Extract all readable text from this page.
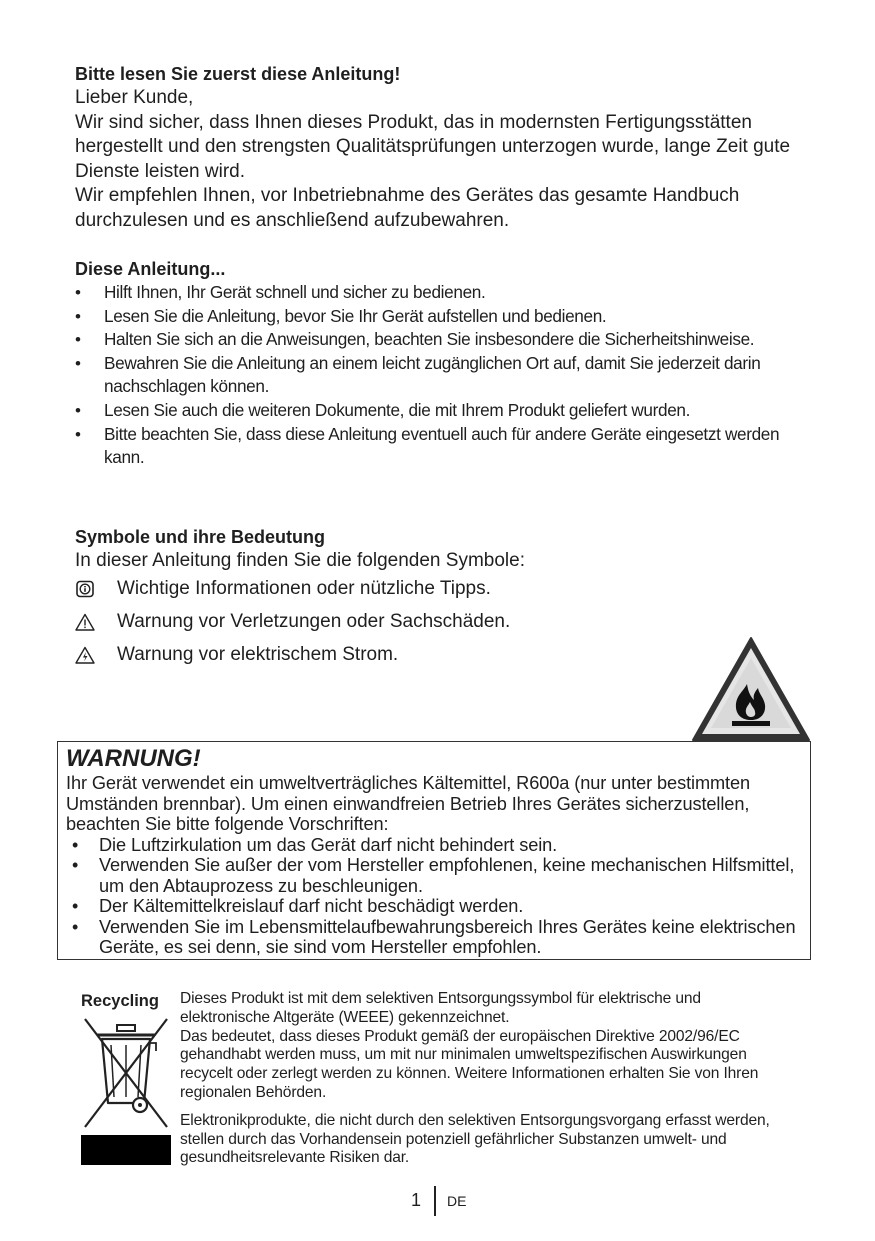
Bitte lesen Sie zuerst diese Anleitung!

Lieber Kunde,

Wir sind sicher, dass Ihnen dieses Produkt, das in modernsten Fertigungsstätten hergestellt und den strengsten Qualitätsprüfungen unterzogen wurde, lange Zeit gute Dienste leisten wird.

Wir empfehlen Ihnen, vor Inbetriebnahme des Gerätes das gesamte Handbuch durchzulesen und es anschließend aufzubewahren.

Diese Anleitung...

• Hilft Ihnen, Ihr Gerät schnell und sicher zu bedienen.
• Lesen Sie die Anleitung, bevor Sie Ihr Gerät aufstellen und bedienen.
• Halten Sie sich an die Anweisungen, beachten Sie insbesondere die Sicherheitshinweise.
• Bewahren Sie die Anleitung an einem leicht zugänglichen Ort auf, damit Sie jederzeit darin nachschlagen können.
• Lesen Sie auch die weiteren Dokumente, die mit Ihrem Produkt geliefert wurden.
• Bitte beachten Sie, dass diese Anleitung eventuell auch für andere Geräte eingesetzt werden kann.

Symbole und ihre Bedeutung

In dieser Anleitung finden Sie die folgenden Symbole:

Wichtige Informationen oder nützliche Tipps.
Warnung vor Verletzungen oder Sachschäden.
Warnung vor elektrischem Strom.

WARNUNG!

Ihr Gerät verwendet ein umweltverträgliches Kältemittel, R600a (nur unter bestimmten Umständen brennbar). Um einen einwandfreien Betrieb Ihres Gerätes sicherzustellen, beachten Sie bitte folgende Vorschriften:

• Die Luftzirkulation um das Gerät darf nicht behindert sein.
• Verwenden Sie außer der vom Hersteller empfohlenen, keine mechanischen Hilfsmittel, um den Abtauprozess zu beschleunigen.
• Der Kältemittelkreislauf darf nicht beschädigt werden.
• Verwenden Sie im Lebensmittelaufbewahrungsbereich Ihres Gerätes keine elektrischen Geräte, es sei denn, sie sind vom Hersteller empfohlen.
Recycling Dieses Produkt ist mit dem selektiven Entsorgungssymbol für elektrische und elektronische Altgeräte (WEEE) gekennzeichnet.

Das bedeutet, dass dieses Produkt gemäß der europäischen Direktive 2002/96/EC gehandhabt werden muss, um mit nur minimalen umweltspezifischen Auswirkungen recycelt oder zerlegt werden zu können. Weitere Informationen erhalten Sie von Ihren regionalen Behörden.

Elektronikprodukte, die nicht durch den selektiven Entsorgungsvorgang erfasst werden, stellen durch das Vorhandensein potenziell gefährlicher Substanzen umwelt- und gesundheitsrelevante Risiken dar.

1 DE
